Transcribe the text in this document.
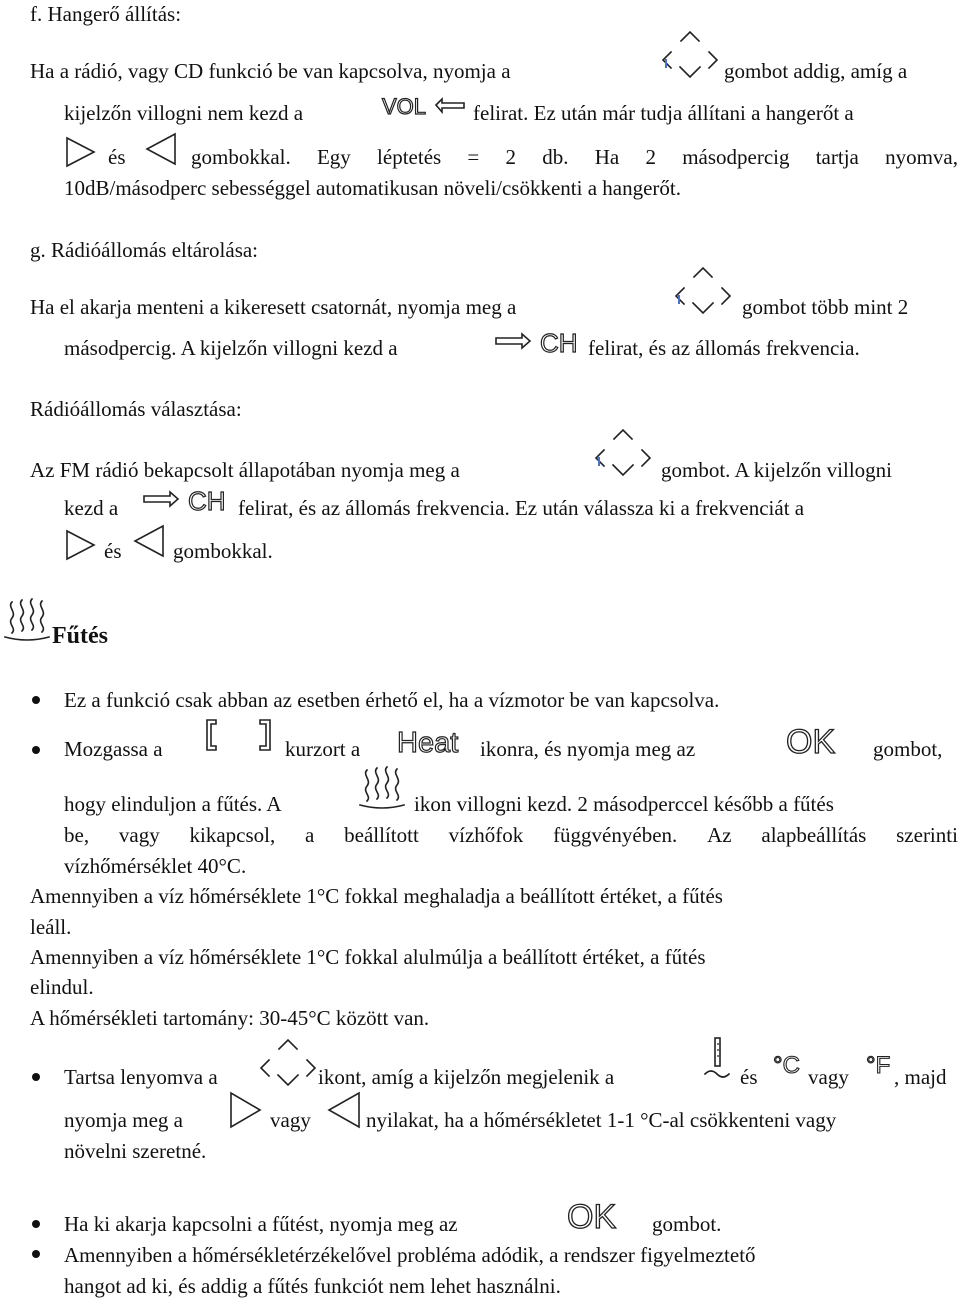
f. Hangerő állítás:
Ha a rádió, vagy CD funkció be van kapcsolva, nyomja a	gombot addig, amíg a
kijelzőn villogni nem kezd a	VOL felirat. Ez után már tudja állítani a hangerőt a
és	gombokkal. Egy léptetés = 2 db. Ha 2 másodpercig tartja nyomva,
10dB/másodperc sebességgel automatikusan növeli/csökkenti a hangerőt.
g. Rádióállomás eltárolása:
Ha el akarja menteni a kikeresett csatornát, nyomja meg a	gombot több mint 2
másodpercig. A kijelzőn villogni kezd a	CH felirat, és az állomás frekvencia.
Rádióállomás választása:
Az FM rádió bekapcsolt állapotában nyomja meg a	gombot. A kijelzőn villogni
kezd a	CH felirat, és az állomás frekvencia. Ez után válassza ki a frekvenciát a
és gombokkal.
Fűtés
Ez a funkció csak abban az esetben érhető el, ha a vízmotor be van kapcsolva.
Mozgassa a	kurzort a Heat ikonra, és nyomja meg az	OK gombot,
hogy elinduljon a fűtés. A	ikon villogni kezd. 2 másodperccel később a fűtés
be, vagy kikapcsol, a beállított vízhőfok függvényében. Az alapbeállítás szerinti
vízhőmérséklet 40°C.
Amennyiben a víz hőmérséklete 1°C fokkal meghaladja a beállított értéket, a fűtés
leáll.
Amennyiben a víz hőmérséklete 1°C fokkal alulmúlja a beállított értéket, a fűtés
elindul.
A hőmérsékleti tartomány: 30-45°C között van.
Tartsa lenyomva a	ikont, amíg a kijelzőn megjelenik a	és °C vagy °F , majd
nyomja meg a	vagy	nyilakat, ha a hőmérsékletet 1-1 °C-al csökkenteni vagy
növelni szeretné.
Ha ki akarja kapcsolni a fűtést, nyomja meg az	OK gombot.
Amennyiben a hőmérsékletérzékelővel probléma adódik, a rendszer figyelmeztető
hangot ad ki, és addig a fűtés funkciót nem lehet használni.
